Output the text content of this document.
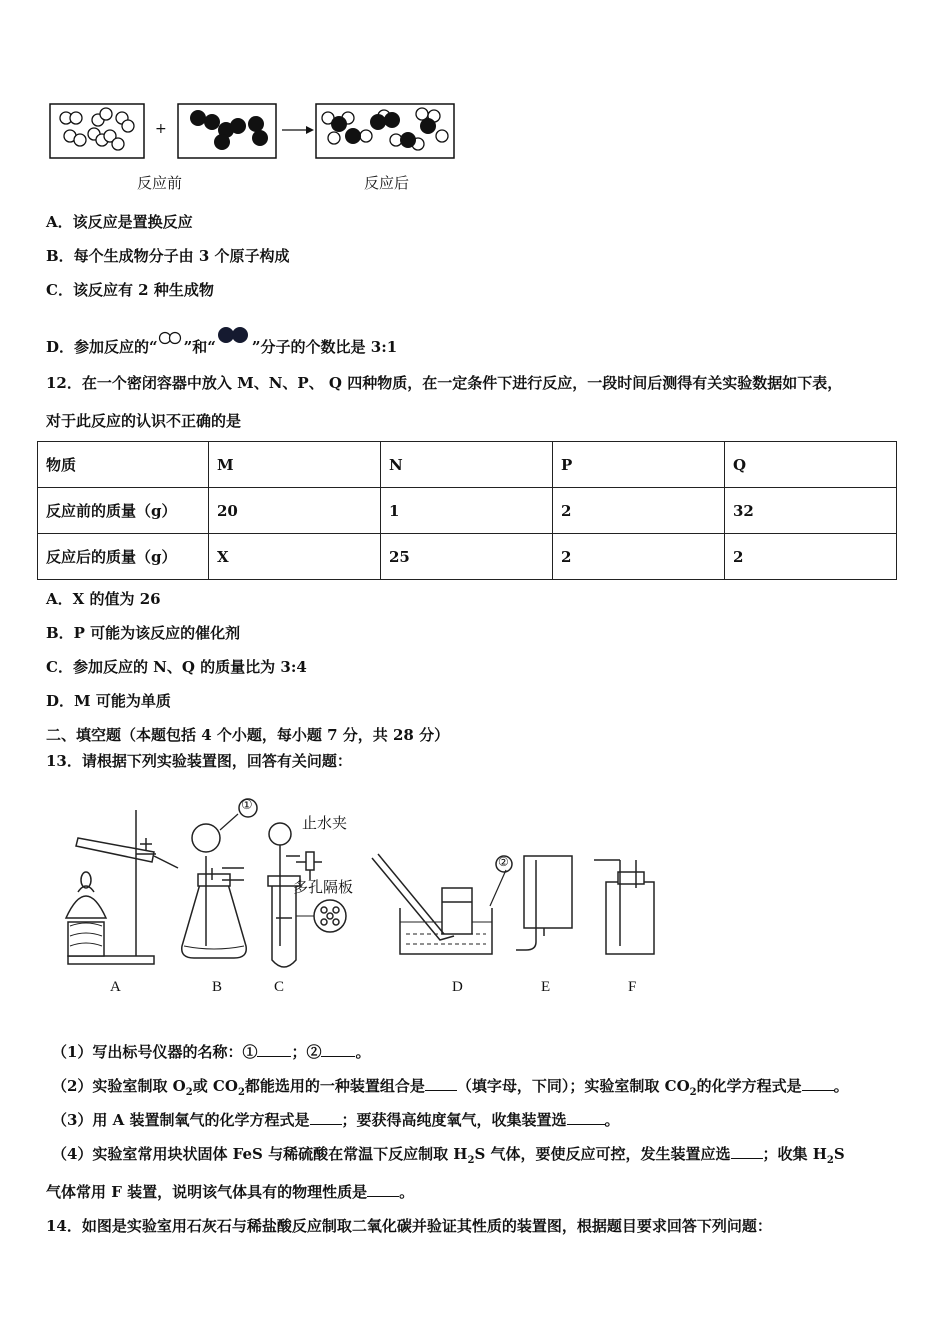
+
反应前	反应后
A．该反应是置换反应
B．每个生成物分子由 3 个原子构成
C．该反应有 2 种生成物
D．参加反应的“ ”和“ ”分子的个数比是 3:1
12．在一个密闭容器中放入 M、N、P、 Q 四种物质，在一定条件下进行反应，一段时间后测得有关实验数据如下表，
对于此反应的认识不正确的是
物质	M	N	P	Q
反应前的质量（g）	20	1	2	32
反应后的质量（g）	X	25	2	2
A．X 的值为 26
B．P 可能为该反应的催化剂
C．参加反应的 N、Q 的质量比为 3:4
D．M 可能为单质
二、填空题（本题包括 4 个小题，每小题 7 分，共 28 分）
13．请根据下列实验装置图，回答有关问题：
①
②
止水夹
多孔隔板
A	B	C	D	E	F
（1）写出标号仪器的名称：① ；② 。
（2）实验室制取 $O_2$或 $CO_2$都能选用的一种装置组合是 （填字母，下同）；实验室制取 $CO_2$的化学方程式是 。
（3）用 A 装置制氧气的化学方程式是 ；要获得高纯度氧气，收集装置选	。
（4）实验室常用块状固体 FeS 与稀硫酸在常温下反应制取 $H_2S$ 气体，要使反应可控，发生装置应选 ；收集 $H_2S$
气体常用 F 装置，说明该气体具有的物理性质是 。
14．如图是实验室用石灰石与稀盐酸反应制取二氧化碳并验证其性质的装置图，根据题目要求回答下列问题：
